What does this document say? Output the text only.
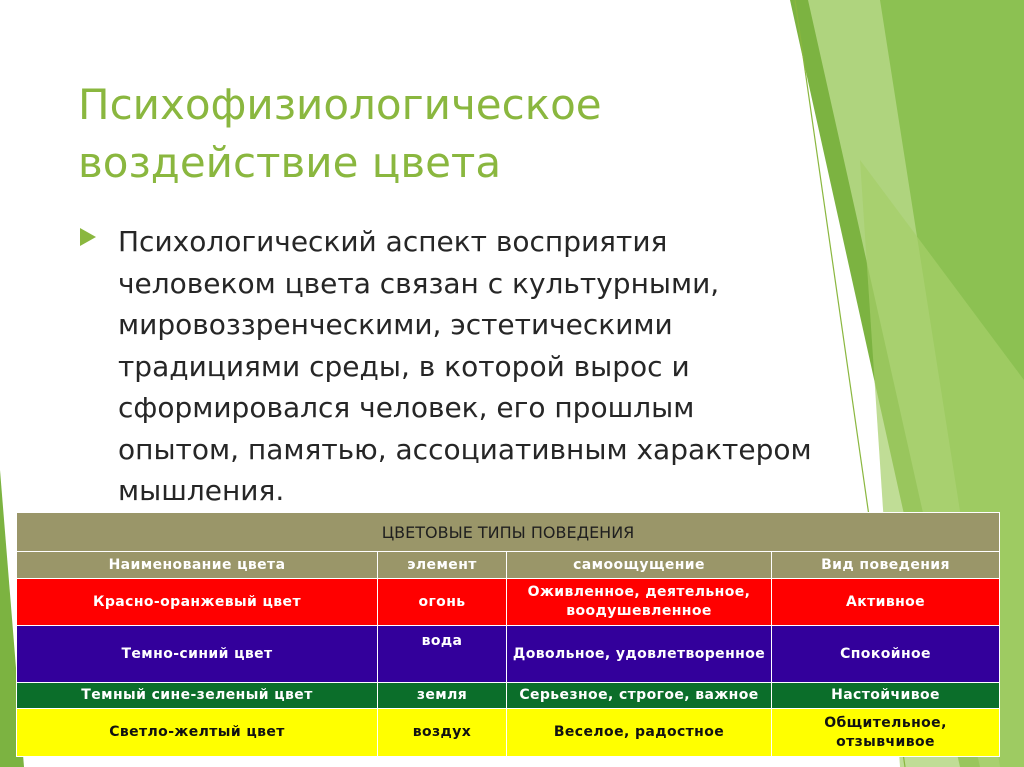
Психофизиологическое
воздействие цвета
Психологический аспект восприятия
человеком цвета связан с культурными,
мировоззренческими, эстетическими
традициями среды, в которой вырос и
сформировался человек, его прошлым
опытом, памятью, ассоциативным характером
мышления.
ЦВЕТОВЫЕ ТИПЫ ПОВЕДЕНИЯ			
Наименование цвета	элемент	самоощущение	Вид поведения
Красно-оранжевый цвет	огонь	Оживленное, деятельное, воодушевленное	Активное
Темно-синий цвет	вода	Довольное, удовлетворенное	Спокойное
Темный сине-зеленый цвет	земля	Серьезное, строгое, важное	Настойчивое
Светло-желтый цвет	воздух	Веселое, радостное	Общительное, отзывчивое
